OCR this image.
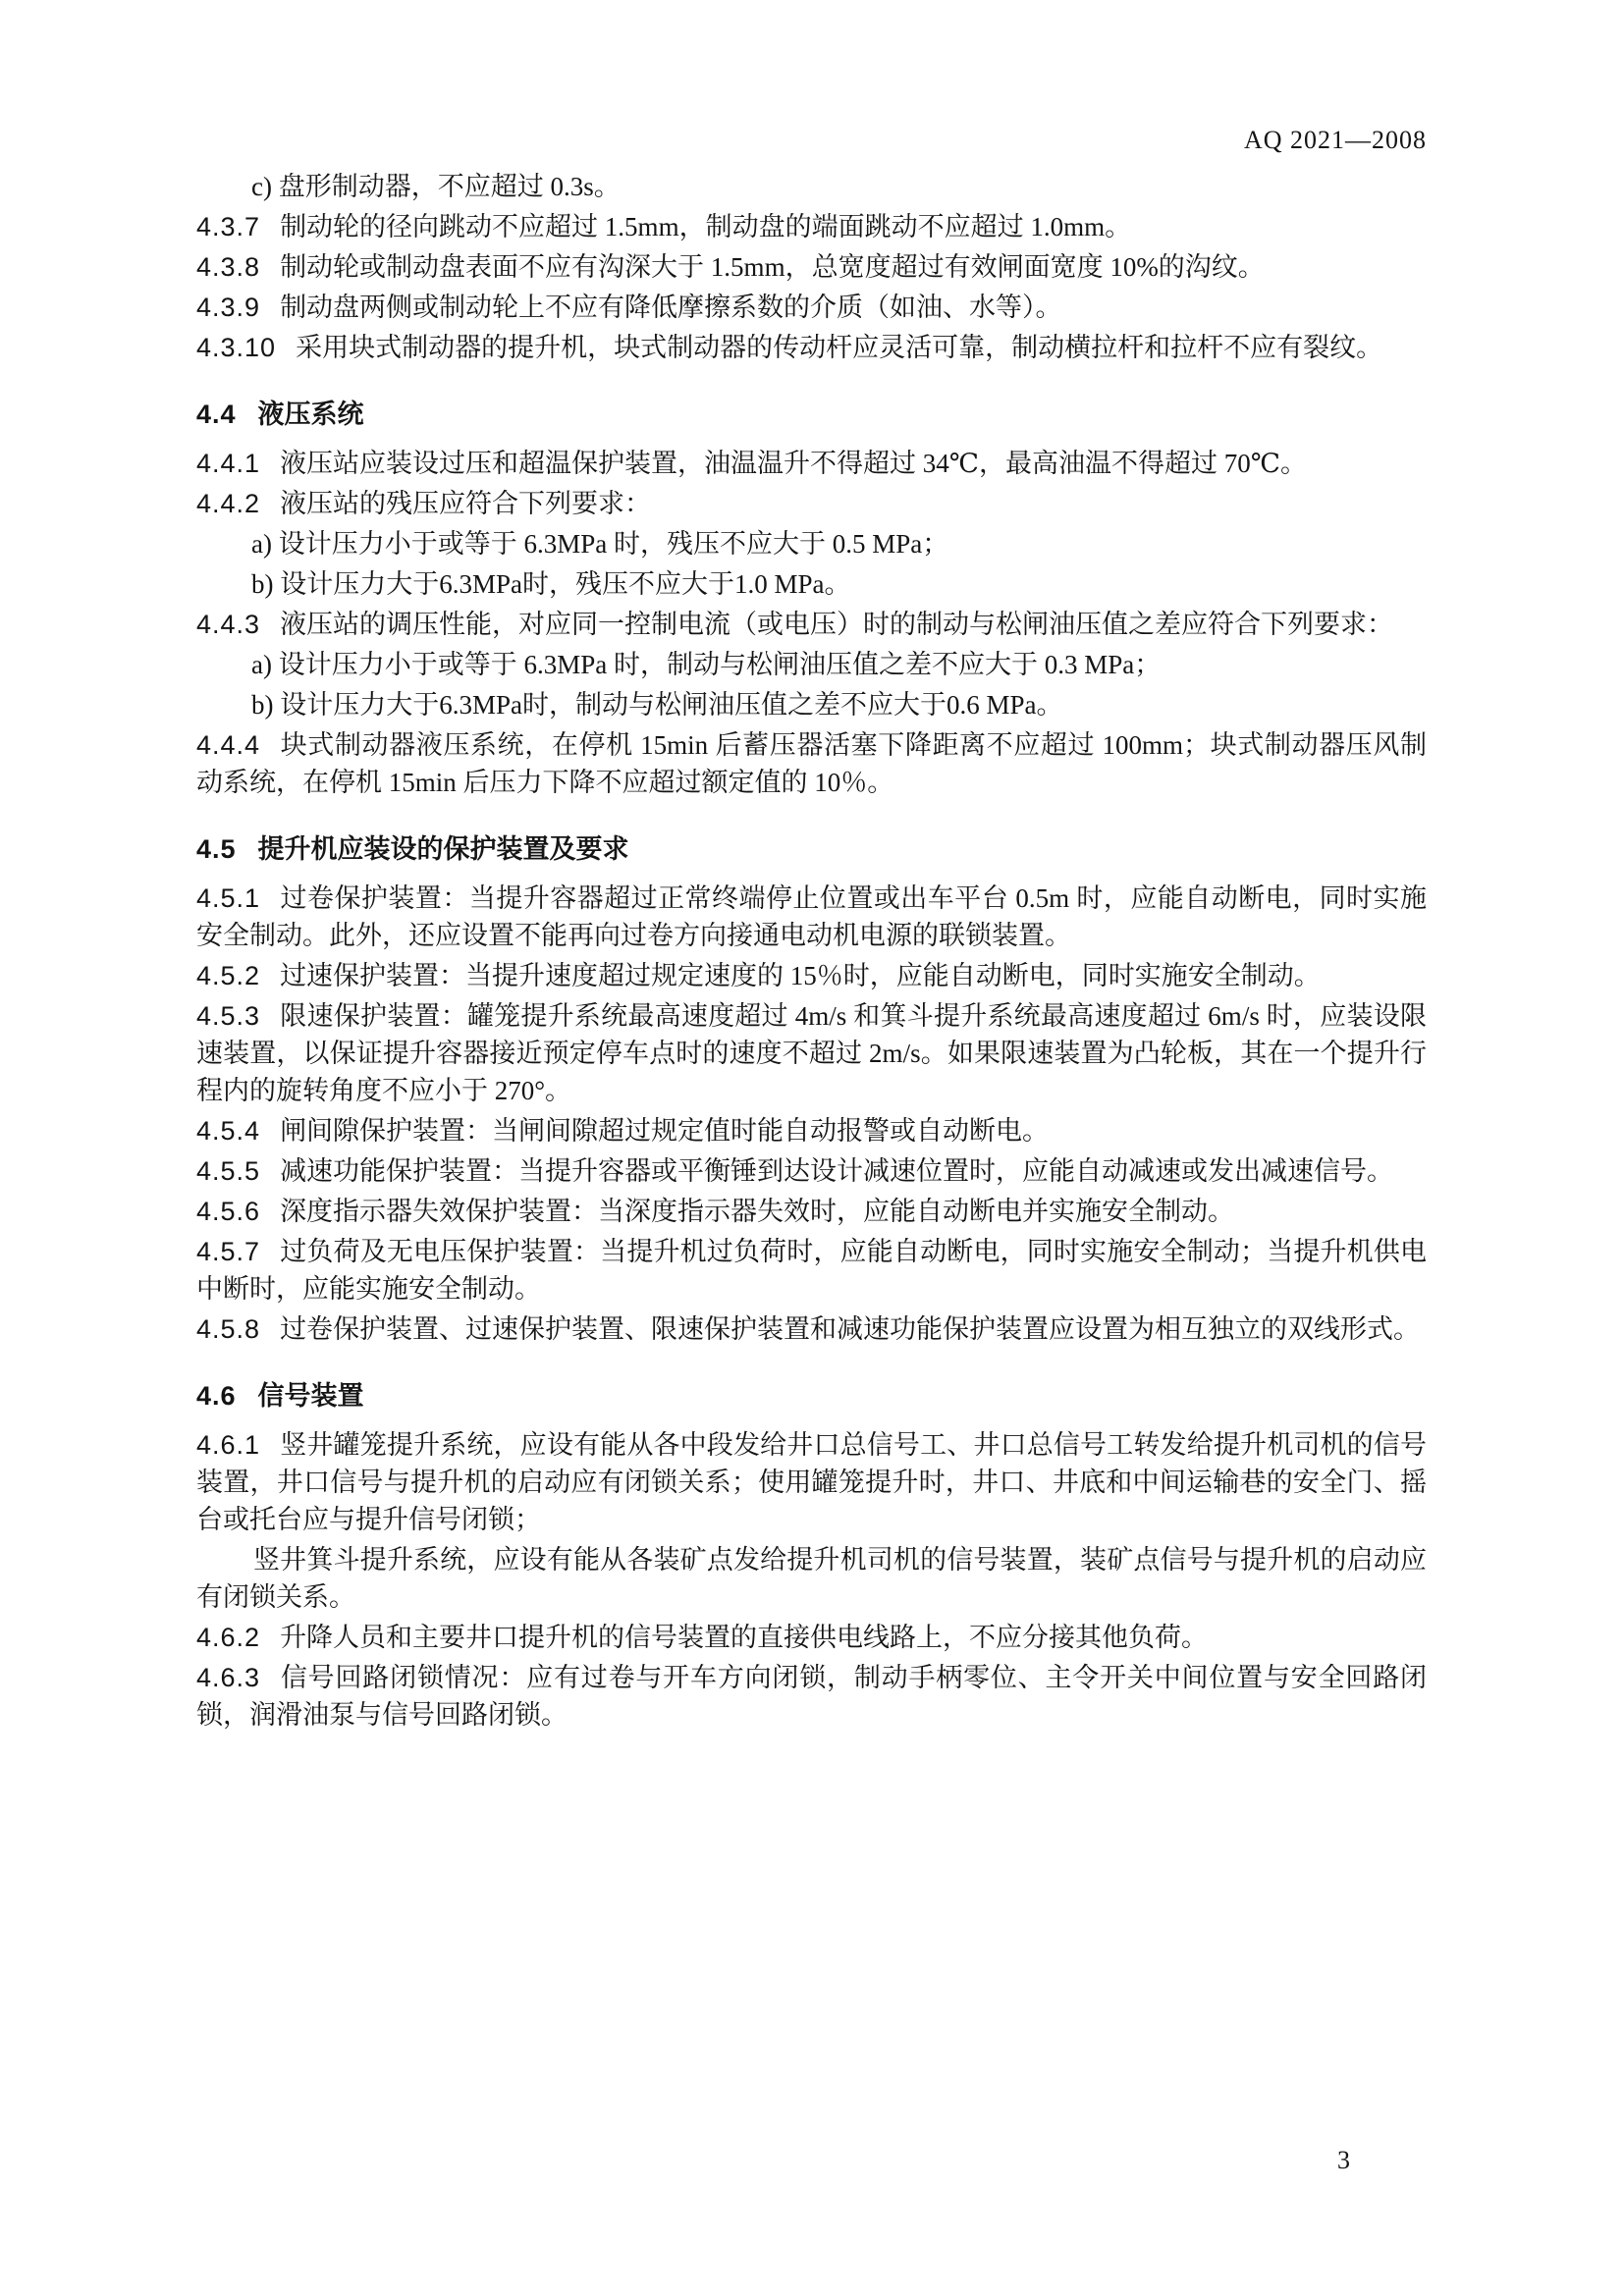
AQ 2021—2008

c) 盘形制动器，不应超过 0.3s。

4.3.7 制动轮的径向跳动不应超过 1.5mm，制动盘的端面跳动不应超过 1.0mm。

4.3.8 制动轮或制动盘表面不应有沟深大于 1.5mm，总宽度超过有效闸面宽度 10%的沟纹。

4.3.9 制动盘两侧或制动轮上不应有降低摩擦系数的介质（如油、水等）。

4.3.10 采用块式制动器的提升机，块式制动器的传动杆应灵活可靠，制动横拉杆和拉杆不应有裂纹。

4.4 液压系统

4.4.1 液压站应装设过压和超温保护装置，油温温升不得超过 34℃，最高油温不得超过 70℃。

4.4.2 液压站的残压应符合下列要求：

a) 设计压力小于或等于 6.3MPa 时，残压不应大于 0.5 MPa；

b) 设计压力大于6.3MPa时，残压不应大于1.0 MPa。

4.4.3 液压站的调压性能，对应同一控制电流（或电压）时的制动与松闸油压值之差应符合下列要求：

a) 设计压力小于或等于 6.3MPa 时，制动与松闸油压值之差不应大于 0.3 MPa；

b) 设计压力大于6.3MPa时，制动与松闸油压值之差不应大于0.6 MPa。

4.4.4 块式制动器液压系统，在停机 15min 后蓄压器活塞下降距离不应超过 100mm；块式制动器压风制动系统，在停机 15min 后压力下降不应超过额定值的 10％。

4.5 提升机应装设的保护装置及要求

4.5.1 过卷保护装置：当提升容器超过正常终端停止位置或出车平台 0.5m 时，应能自动断电，同时实施安全制动。此外，还应设置不能再向过卷方向接通电动机电源的联锁装置。

4.5.2 过速保护装置：当提升速度超过规定速度的 15％时，应能自动断电，同时实施安全制动。

4.5.3 限速保护装置：罐笼提升系统最高速度超过 4m/s 和箕斗提升系统最高速度超过 6m/s 时，应装设限速装置，以保证提升容器接近预定停车点时的速度不超过 2m/s。如果限速装置为凸轮板，其在一个提升行程内的旋转角度不应小于 270°。

4.5.4 闸间隙保护装置：当闸间隙超过规定值时能自动报警或自动断电。

4.5.5 减速功能保护装置：当提升容器或平衡锤到达设计减速位置时，应能自动减速或发出减速信号。

4.5.6 深度指示器失效保护装置：当深度指示器失效时，应能自动断电并实施安全制动。

4.5.7 过负荷及无电压保护装置：当提升机过负荷时，应能自动断电，同时实施安全制动；当提升机供电中断时，应能实施安全制动。

4.5.8 过卷保护装置、过速保护装置、限速保护装置和减速功能保护装置应设置为相互独立的双线形式。

4.6 信号装置

4.6.1 竖井罐笼提升系统，应设有能从各中段发给井口总信号工、井口总信号工转发给提升机司机的信号装置，井口信号与提升机的启动应有闭锁关系；使用罐笼提升时，井口、井底和中间运输巷的安全门、摇台或托台应与提升信号闭锁；

竖井箕斗提升系统，应设有能从各装矿点发给提升机司机的信号装置，装矿点信号与提升机的启动应有闭锁关系。

4.6.2 升降人员和主要井口提升机的信号装置的直接供电线路上，不应分接其他负荷。

4.6.3 信号回路闭锁情况：应有过卷与开车方向闭锁，制动手柄零位、主令开关中间位置与安全回路闭锁，润滑油泵与信号回路闭锁。

3
